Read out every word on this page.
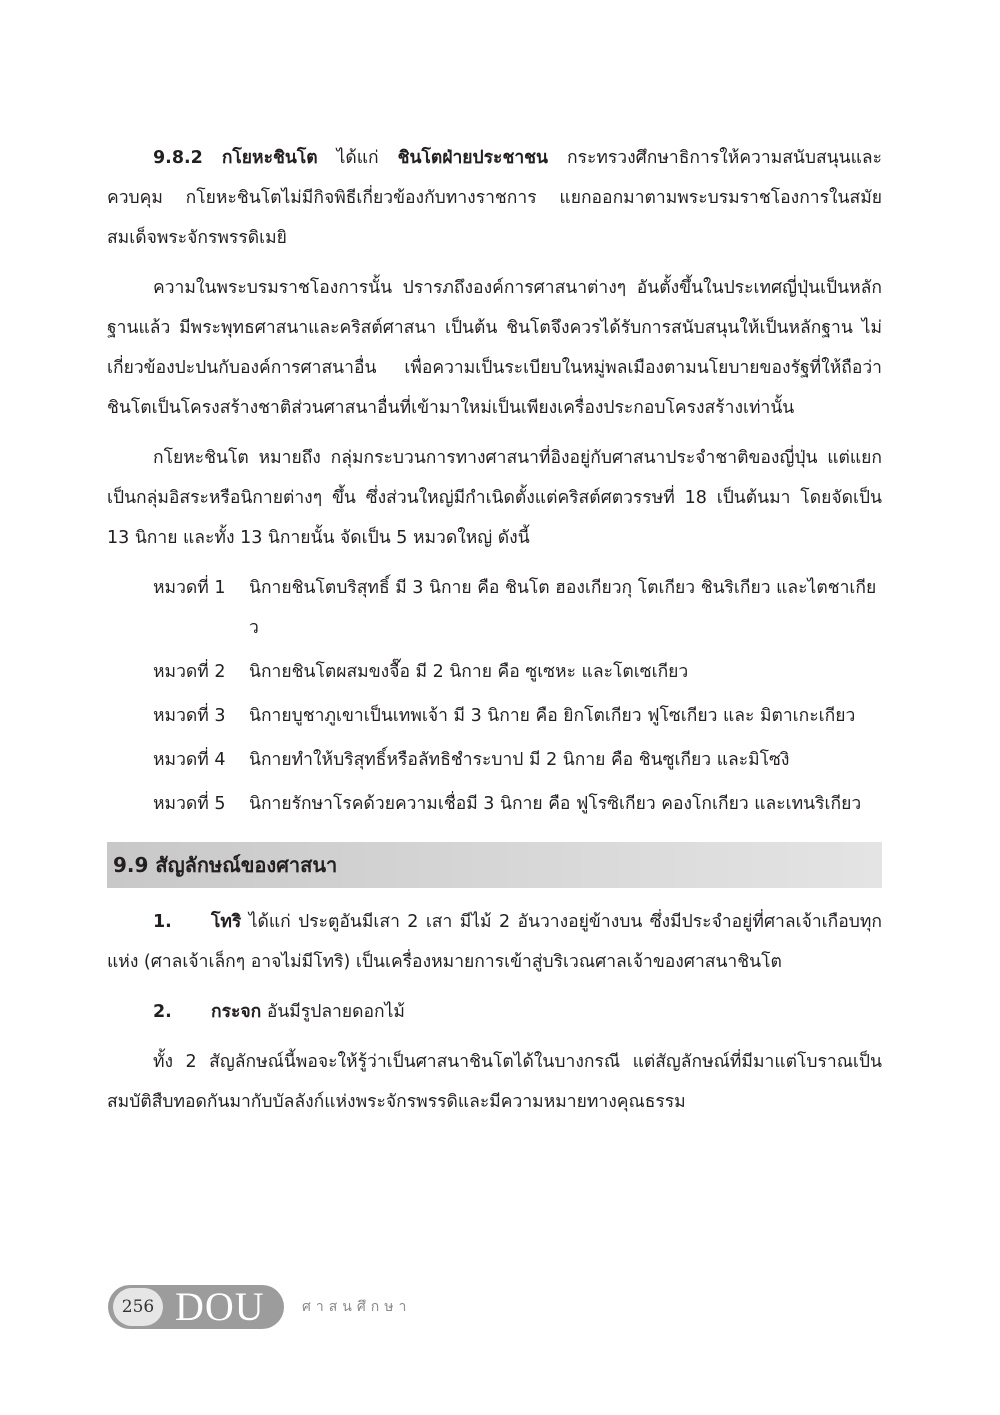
9.8.2 กโยหะชินโต ได้แก่ ชินโตฝ่ายประชาชน กระทรวงศึกษาธิการให้ความสนับสนุนและควบคุม กโยหะชินโตไม่มีกิจพิธีเกี่ยวข้องกับทางราชการ แยกออกมาตามพระบรมราชโองการในสมัยสมเด็จพระจักรพรรดิเมยิ

ความในพระบรมราชโองการนั้น ปรารภถึงองค์การศาสนาต่างๆ อันตั้งขึ้นในประเทศญี่ปุ่นเป็นหลักฐานแล้ว มีพระพุทธศาสนาและคริสต์ศาสนา เป็นต้น ชินโตจึงควรได้รับการสนับสนุนให้เป็นหลักฐาน ไม่เกี่ยวข้องปะปนกับองค์การศาสนาอื่น เพื่อความเป็นระเบียบในหมู่พลเมืองตามนโยบายของรัฐที่ให้ถือว่าชินโตเป็นโครงสร้างชาติส่วนศาสนาอื่นที่เข้ามาใหม่เป็นเพียงเครื่องประกอบโครงสร้างเท่านั้น

กโยหะชินโต หมายถึง กลุ่มกระบวนการทางศาสนาที่อิงอยู่กับศาสนาประจำชาติของญี่ปุ่น แต่แยกเป็นกลุ่มอิสระหรือนิกายต่างๆ ขึ้น ซึ่งส่วนใหญ่มีกำเนิดตั้งแต่คริสต์ศตวรรษที่ 18 เป็นต้นมา โดยจัดเป็น 13 นิกาย และทั้ง 13 นิกายนั้น จัดเป็น 5 หมวดใหญ่ ดังนี้

หมวดที่ 1	นิกายชินโตบริสุทธิ์ มี 3 นิกาย คือ ชินโต ฮองเกียวกุ โตเกียว ชินริเกียว และไตชาเกียว
หมวดที่ 2	นิกายชินโตผสมขงจื๊อ มี 2 นิกาย คือ ซูเซหะ และโตเซเกียว
หมวดที่ 3	นิกายบูชาภูเขาเป็นเทพเจ้า มี 3 นิกาย คือ ยิกโตเกียว ฟูโซเกียว และ มิตาเกะเกียว
หมวดที่ 4	นิกายทำให้บริสุทธิ์หรือลัทธิชำระบาป มี 2 นิกาย คือ ชินซูเกียว และมิโซงิ
หมวดที่ 5	นิกายรักษาโรคด้วยความเชื่อมี 3 นิกาย คือ ฟูโรซิเกียว คองโกเกียว และเทนริเกียว
9.9 สัญลักษณ์ของศาสนา
1.	โทริ ได้แก่ ประตูอันมีเสา 2 เสา มีไม้ 2 อันวางอยู่ข้างบน ซึ่งมีประจำอยู่ที่ศาลเจ้าเกือบทุกแห่ง (ศาลเจ้าเล็กๆ อาจไม่มีโทริ) เป็นเครื่องหมายการเข้าสู่บริเวณศาลเจ้าของศาสนาชินโต

2.	กระจก อันมีรูปลายดอกไม้

ทั้ง 2 สัญลักษณ์นี้พอจะให้รู้ว่าเป็นศาสนาชินโตได้ในบางกรณี แต่สัญลักษณ์ที่มีมาแต่โบราณเป็นสมบัติสืบทอดกันมากับบัลลังก์แห่งพระจักรพรรดิและมีความหมายทางคุณธรรม

256 DOU	ศาสนศึกษา
